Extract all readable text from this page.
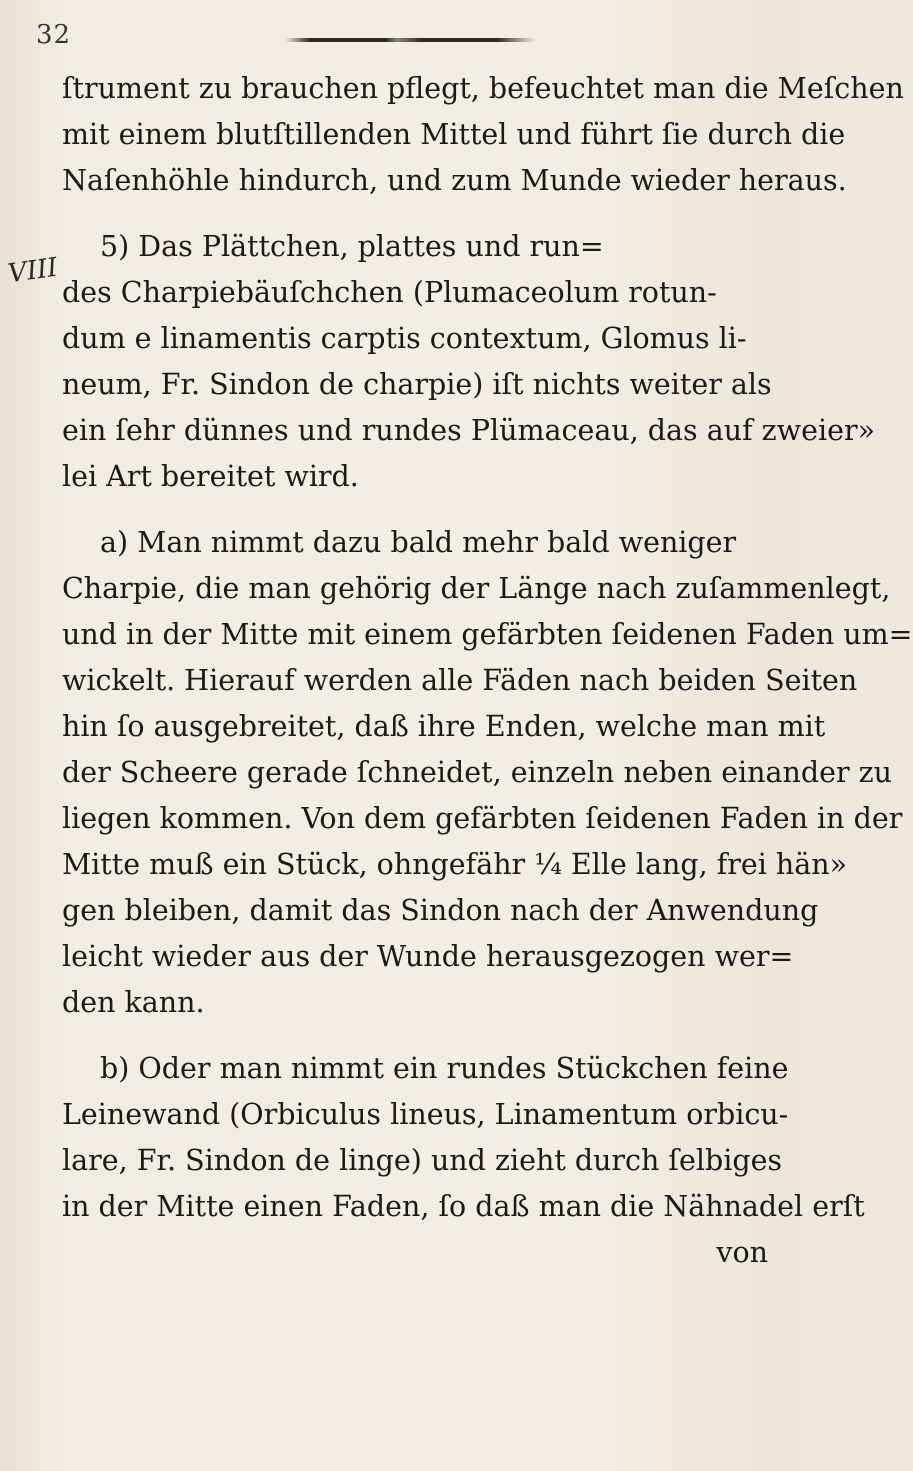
32
VIII
ſtrument zu brauchen pflegt, befeuchtet man die Meſchen
mit einem blutſtillenden Mittel und führt ſie durch die
Naſenhöhle hindurch, und zum Munde wieder heraus.
5) Das Plättchen, plattes und run=
des Charpiebäuſchchen (Plumaceolum rotun-
dum e linamentis carptis contextum, Glomus li-
neum, Fr. Sindon de charpie) iſt nichts weiter als
ein ſehr dünnes und rundes Plümaceau, das auf zweier»
lei Art bereitet wird.
a) Man nimmt dazu bald mehr bald weniger
Charpie, die man gehörig der Länge nach zuſammenlegt,
und in der Mitte mit einem gefärbten ſeidenen Faden um=
wickelt. Hierauf werden alle Fäden nach beiden Seiten
hin ſo ausgebreitet, daß ihre Enden, welche man mit
der Scheere gerade ſchneidet, einzeln neben einander zu
liegen kommen. Von dem gefärbten ſeidenen Faden in der
Mitte muß ein Stück, ohngefähr ¼ Elle lang, frei hän»
gen bleiben, damit das Sindon nach der Anwendung
leicht wieder aus der Wunde herausgezogen wer=
den kann.
b) Oder man nimmt ein rundes Stückchen feine
Leinewand (Orbiculus lineus, Linamentum orbicu-
lare, Fr. Sindon de linge) und zieht durch ſelbiges
in der Mitte einen Faden, ſo daß man die Nähnadel erſt
von
